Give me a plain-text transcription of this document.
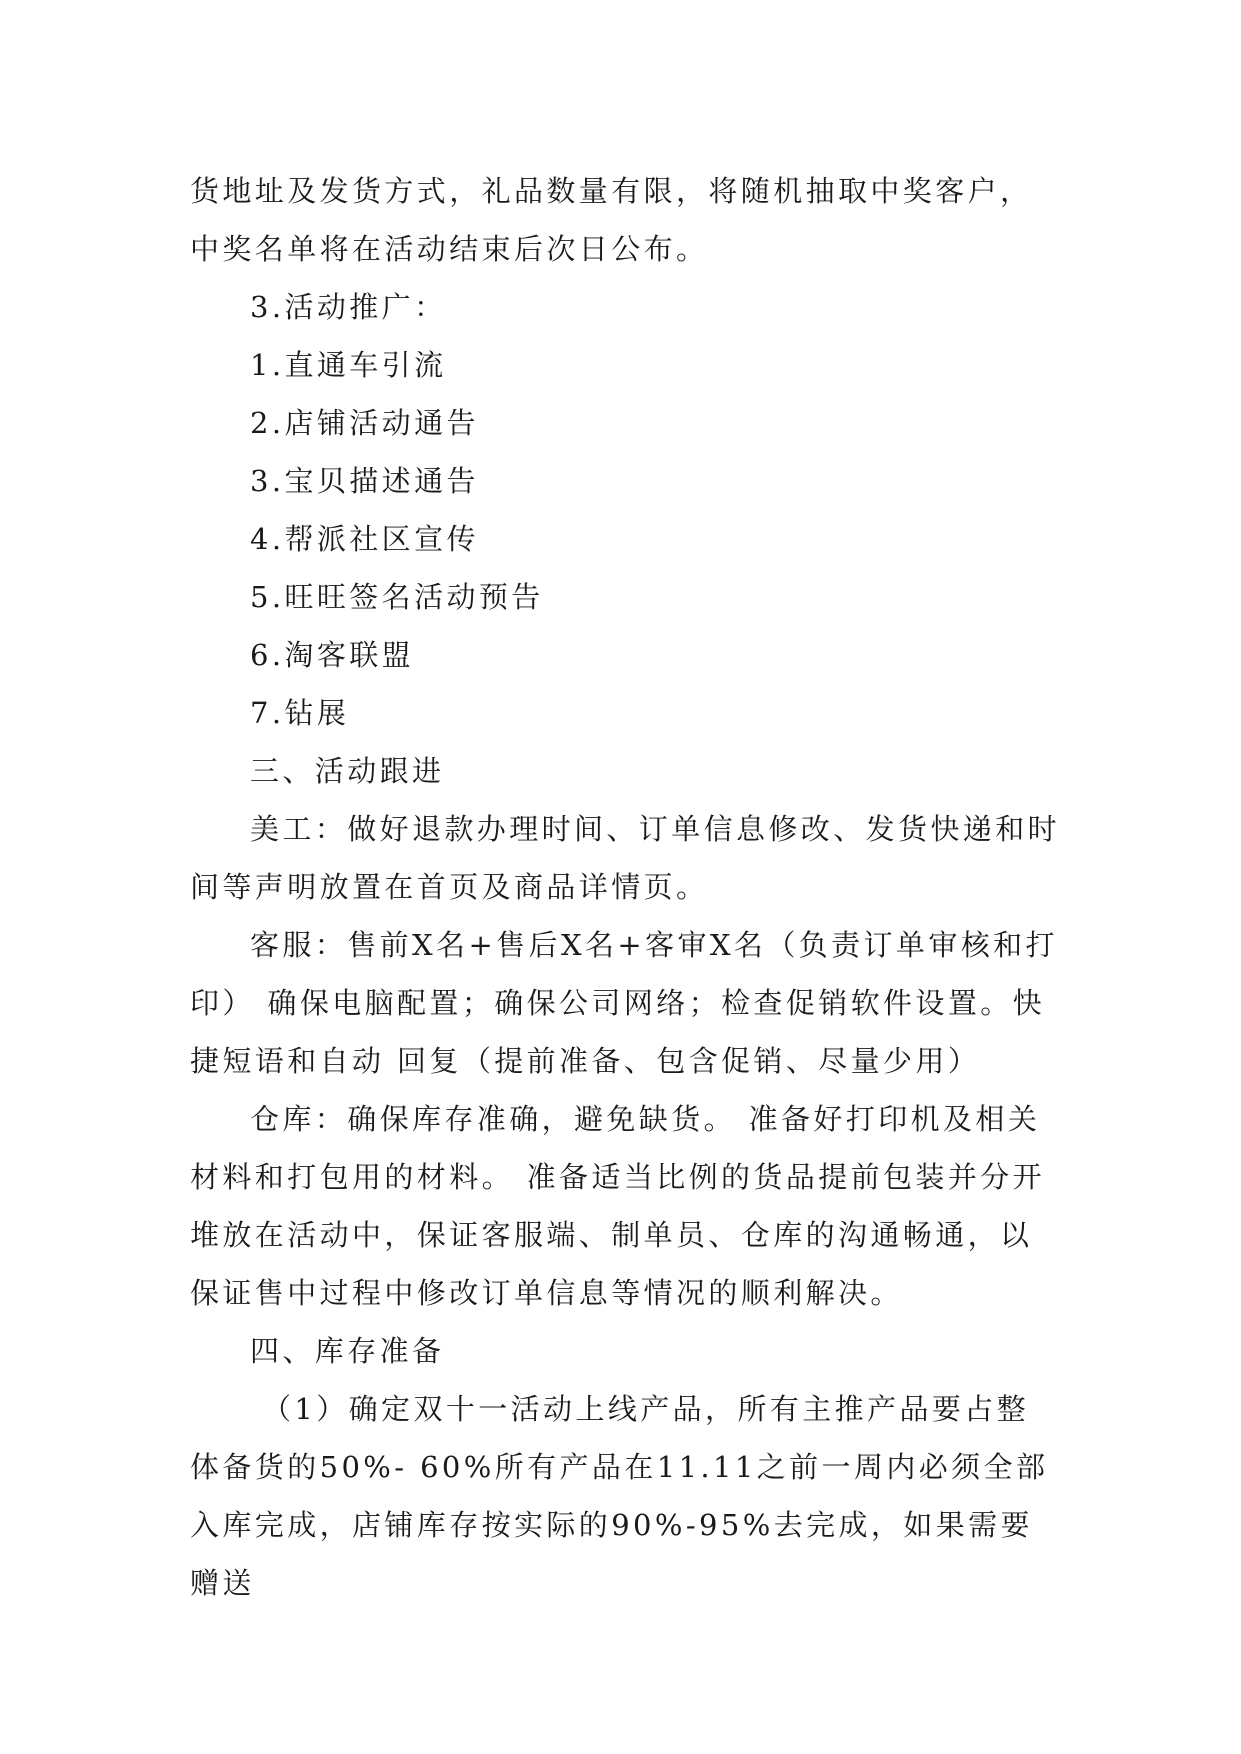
货地址及发货方式，礼品数量有限，将随机抽取中奖客户，中奖名单将在活动结束后次日公布。

3.活动推广：

1.直通车引流

2.店铺活动通告

3.宝贝描述通告

4.帮派社区宣传

5.旺旺签名活动预告

6.淘客联盟

7.钻展

三、活动跟进

美工：做好退款办理时间、订单信息修改、发货快递和时间等声明放置在首页及商品详情页。

客服：售前X名+售后X名+客审X名（负责订单审核和打印） 确保电脑配置；确保公司网络；检查促销软件设置。快捷短语和自动 回复（提前准备、包含促销、尽量少用）

仓库：确保库存准确，避免缺货。 准备好打印机及相关材料和打包用的材料。 准备适当比例的货品提前包装并分开堆放在活动中，保证客服端、制单员、仓库的沟通畅通，以保证售中过程中修改订单信息等情况的顺利解决。

四、库存准备

（1）确定双十一活动上线产品，所有主推产品要占整体备货的50%- 60%所有产品在11.11之前一周内必须全部入库完成，店铺库存按实际的90%-95%去完成，如果需要赠送
